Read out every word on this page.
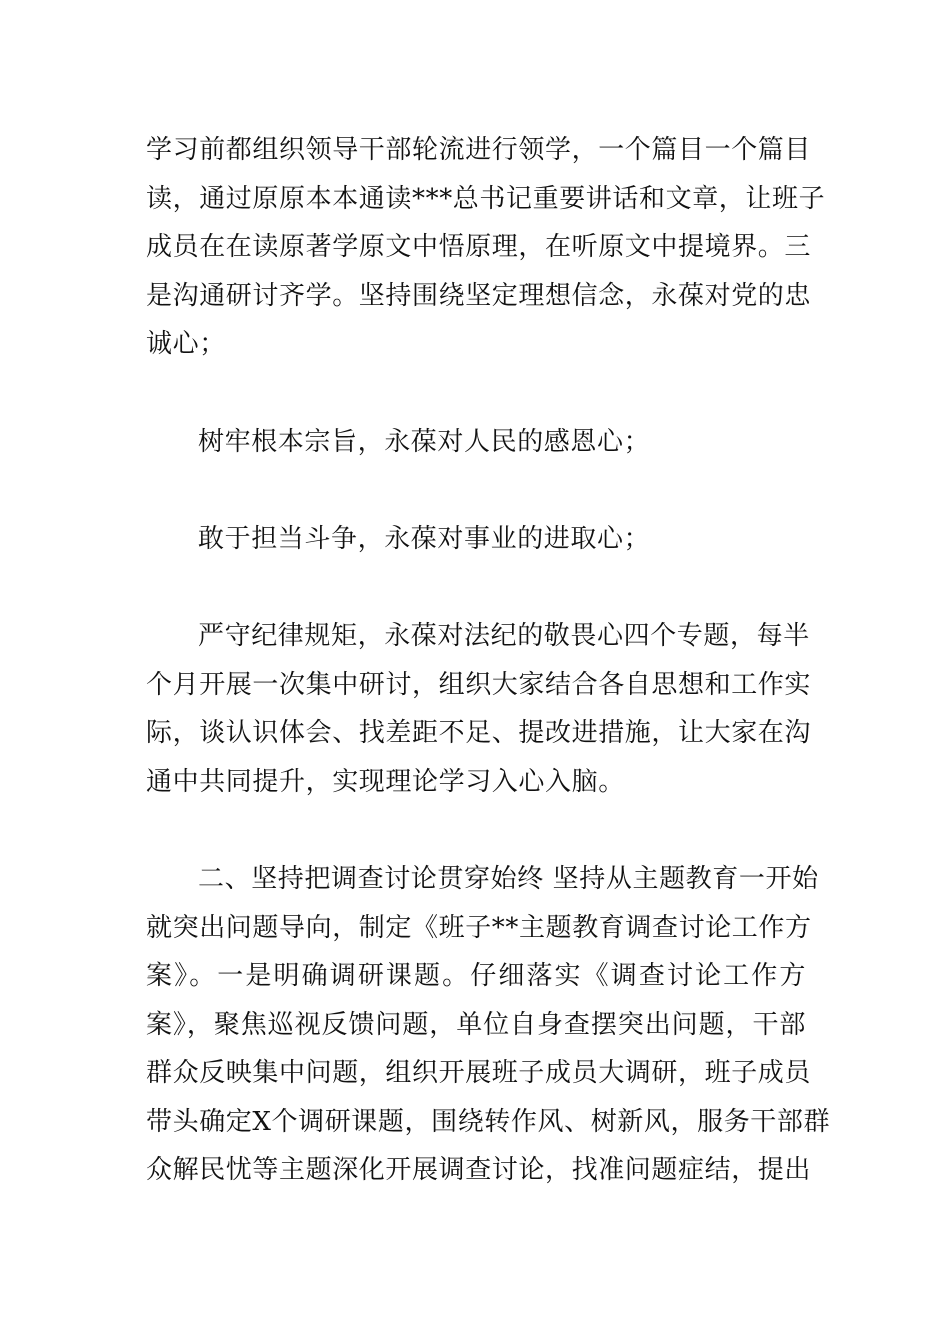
学习前都组织领导干部轮流进行领学，一个篇目一个篇目
读，通过原原本本通读***总书记重要讲话和文章，让班子
成员在在读原著学原文中悟原理，在听原文中提境界。三
是沟通研讨齐学。坚持围绕坚定理想信念，永葆对党的忠
诚心；
树牢根本宗旨，永葆对人民的感恩心；
敢于担当斗争，永葆对事业的进取心；
严守纪律规矩，永葆对法纪的敬畏心四个专题，每半
个月开展一次集中研讨，组织大家结合各自思想和工作实
际，谈认识体会、找差距不足、提改进措施，让大家在沟
通中共同提升，实现理论学习入心入脑。
二、坚持把调查讨论贯穿始终 坚持从主题教育一开始
就突出问题导向，制定《班子**主题教育调查讨论工作方
案》。一是明确调研课题。仔细落实《调查讨论工作方
案》，聚焦巡视反馈问题，单位自身查摆突出问题，干部
群众反映集中问题，组织开展班子成员大调研，班子成员
带头确定X个调研课题，围绕转作风、树新风，服务干部群
众解民忧等主题深化开展调查讨论，找准问题症结，提出
